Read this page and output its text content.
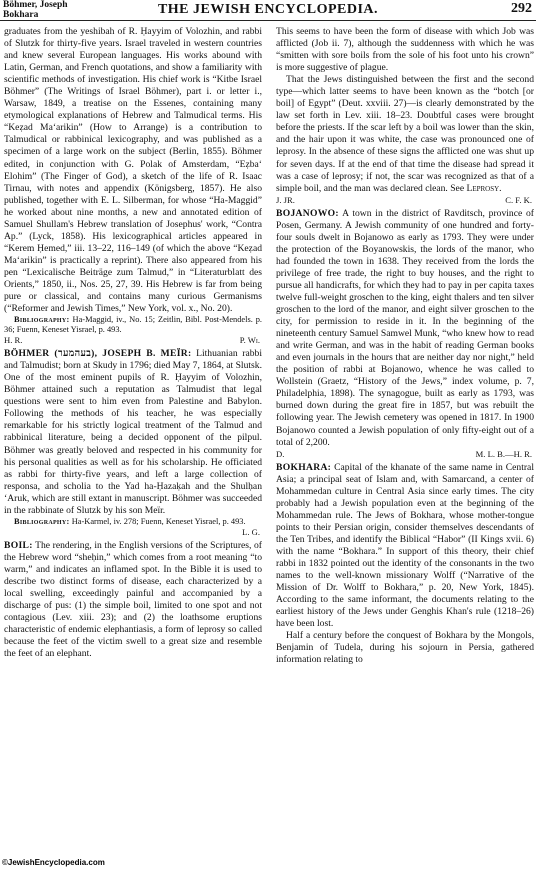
Böhmer, Joseph
Bokhara	THE JEWISH ENCYCLOPEDIA.	292

graduates from the yeshibah of R. Ḥayyim of Volozhin, and rabbi of Slutzk for thirty-five years. Israel traveled in western countries and knew several European languages. His works abound with Latin, German, and French quotations, and show a familiarity with scientific methods of investigation. His chief work is “Kitbe Israel Böhmer” (The Writings of Israel Böhmer), part i. or letter i., Warsaw, 1849, a treatise on the Essenes, containing many etymological explanations of Hebrew and Talmudical terms. His “Keẓad Ma‘arikin” (How to Arrange) is a contribution to Talmudical or rabbinical lexicography, and was published as a specimen of a large work on the subject (Berlin, 1855). Böhmer edited, in conjunction with G. Polak of Amsterdam, “Eẓba‘ Elohim” (The Finger of God), a sketch of the life of R. Isaac Tirnau, with notes and appendix (Königsberg, 1857). He also published, together with E. L. Silberman, for whose “Ha-Maggid” he worked about nine months, a new and annotated edition of Samuel Shullam's Hebrew translation of Josephus' work, “Contra Ap.” (Lyck, 1858). His lexicographical articles appeared in “Kerem Ḥemed,” iii. 13–22, 116–149 (of which the above “Keẓad Ma‘arikin” is practically a reprint). There also appeared from his pen “Lexicalische Beiträge zum Talmud,” in “Literaturblatt des Orients,” 1850, ii., Nos. 25, 27, 39. His Hebrew is far from being pure or classical, and contains many curious Germanisms (“Reformer and Jewish Times,” New York, vol. x., No. 20).

Bibliography: Ha-Maggid, iv., No. 15; Zeitlin, Bibl. Post-Mendels. p. 36; Fuenn, Keneset Yisrael, p. 493.

H. R.	P. Wi.

BÖHMER (בעהמער), JOSEPH B. MEÏR: Lithuanian rabbi and Talmudist; born at Skudy in 1796; died May 7, 1864, at Slutsk. One of the most eminent pupils of R. Ḥayyim of Volozhin, Böhmer attained such a reputation as Talmudist that legal questions were sent to him even from Palestine and Babylon. Following the methods of his teacher, he was especially remarkable for his strictly logical treatment of the Talmud and rabbinical literature, being a decided opponent of the pilpul. Böhmer was greatly beloved and respected in his community for his personal qualities as well as for his scholarship. He officiated as rabbi for thirty-five years, and left a large collection of responsa, and scholia to the Yad ha-Ḥazaḳah and the Shulḥan ‘Aruk, which are still extant in manuscript. Böhmer was succeeded in the rabbinate of Slutzk by his son Meïr.

Bibliography: Ha-Karmel, iv. 278; Fuenn, Keneset Yisrael, p. 493.

L. G.

BOIL: The rendering, in the English versions of the Scriptures, of the Hebrew word “sheḥin,” which comes from a root meaning “to warm,” and indicates an inflamed spot. In the Bible it is used to describe two distinct forms of disease, each characterized by a local swelling, exceedingly painful and accompanied by a discharge of pus: (1) the simple boil, limited to one spot and not contagious (Lev. xiii. 23); and (2) the loathsome eruptions characteristic of endemic elephantiasis, a form of leprosy so called because the feet of the victim swell to a great size and resemble the feet of an elephant.

This seems to have been the form of disease with which Job was afflicted (Job ii. 7), although the suddenness with which he was “smitten with sore boils from the sole of his foot unto his crown” is more suggestive of plague.

That the Jews distinguished between the first and the second type—which latter seems to have been known as the “botch [or boil] of Egypt” (Deut. xxviii. 27)—is clearly demonstrated by the law set forth in Lev. xiii. 18–23. Doubtful cases were brought before the priests. If the scar left by a boil was lower than the skin, and the hair upon it was white, the case was pronounced one of leprosy. In the absence of these signs the afflicted one was shut up for seven days. If at the end of that time the disease had spread it was a case of leprosy; if not, the scar was recognized as that of a simple boil, and the man was declared clean. See Leprosy.

J. JR.	C. F. K.

BOJANOWO: A town in the district of Ravditsch, province of Posen, Germany. A Jewish community of one hundred and forty-four souls dwelt in Bojanowo as early as 1793. They were under the protection of the Boyanowskis, the lords of the manor, who had founded the town in 1638. They received from the lords the privilege of free trade, the right to buy houses, and the right to pursue all handicrafts, for which they had to pay in per capita taxes twelve full-weight groschen to the king, eight thalers and ten silver groschen to the lord of the manor, and eight silver groschen to the city, for permission to reside in it. In the beginning of the nineteenth century Samuel Samwel Munk, “who knew how to read and write German, and was in the habit of reading German books and even journals in the hours that are neither day nor night,” held the position of rabbi at Bojanowo, whence he was called to Wollstein (Graetz, “History of the Jews,” index volume, p. 7, Philadelphia, 1898). The synagogue, built as early as 1793, was burned down during the great fire in 1857, but was rebuilt the following year. The Jewish cemetery was opened in 1817. In 1900 Bojanowo counted a Jewish population of only fifty-eight out of a total of 2,200.

D.	M. L. B.—H. R.

BOKHARA: Capital of the khanate of the same name in Central Asia; a principal seat of Islam and, with Samarcand, a center of Mohammedan culture in Central Asia since early times. The city probably had a Jewish population even at the beginning of the Mohammedan rule. The Jews of Bokhara, whose mother-tongue points to their Persian origin, consider themselves descendants of the Ten Tribes, and identify the Biblical “Habor” (II Kings xvii. 6) with the name “Bokhara.” In support of this theory, their chief rabbi in 1832 pointed out the identity of the consonants in the two names to the well-known missionary Wolff (“Narrative of the Mission of Dr. Wolff to Bokhara,” p. 20, New York, 1845). According to the same informant, the documents relating to the earliest history of the Jews under Genghis Khan's rule (1218–26) have been lost.

Half a century before the conquest of Bokhara by the Mongols, Benjamin of Tudela, during his sojourn in Persia, gathered information relating to

©JewishEncyclopedia.com
